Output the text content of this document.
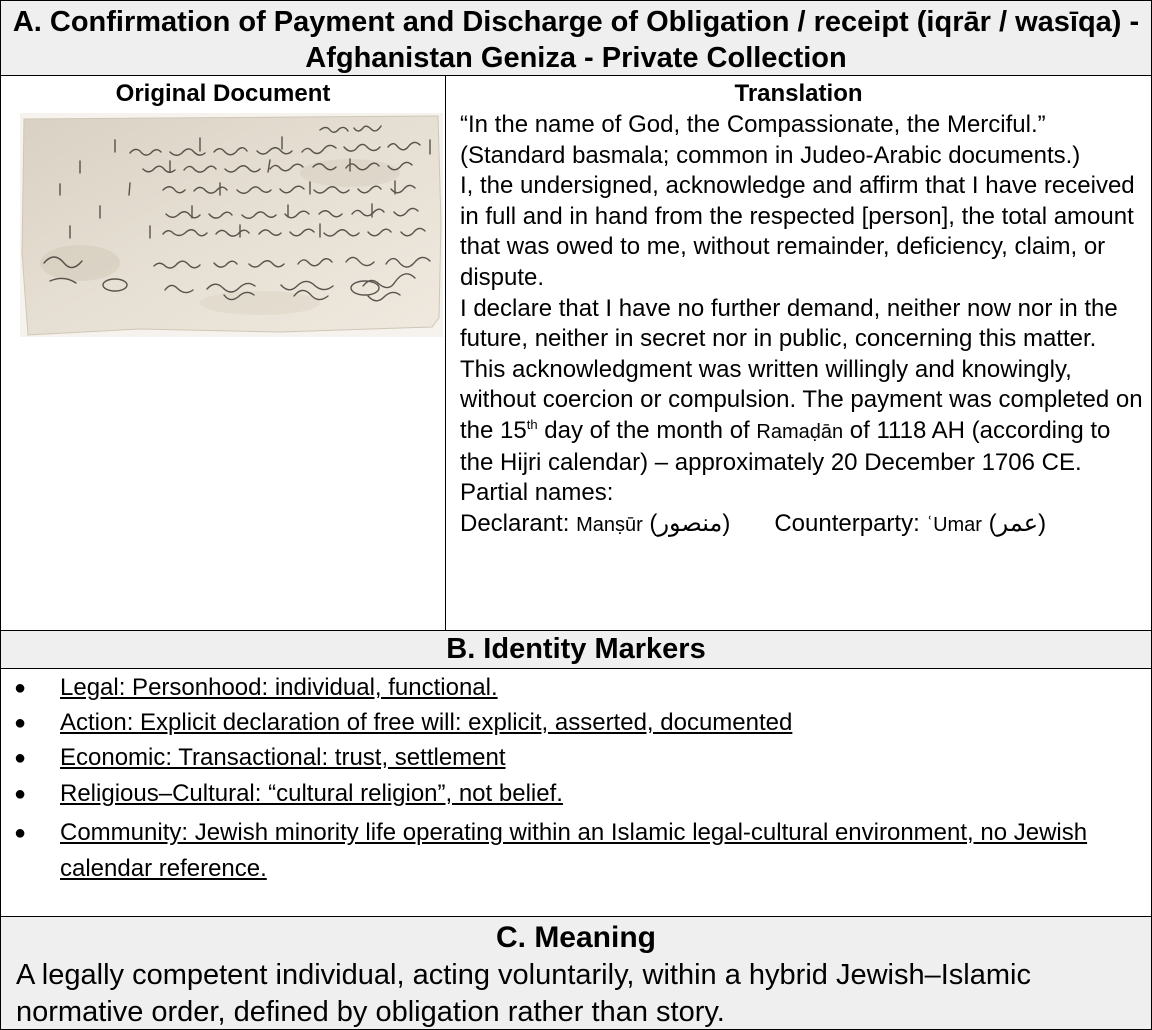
A. Confirmation of Payment and Discharge of Obligation / receipt (iqrār / wasīqa) - Afghanistan Geniza - Private Collection
Original Document	Translation

“In the name of God, the Compassionate, the Merciful.”

(Standard basmala; common in Judeo-Arabic documents.)

I, the undersigned, acknowledge and affirm that I have received in full and in hand from the respected [person], the total amount that was owed to me, without remainder, deficiency, claim, or dispute.

I declare that I have no further demand, neither now nor in the future, neither in secret nor in public, concerning this matter.

This acknowledgment was written willingly and knowingly, without coercion or compulsion. The payment was completed on the 15th day of the month of Ramaḍān of 1118 AH (according to the Hijri calendar) – approximately 20 December 1706 CE.

Partial names:

Declarant: Manṣūr (منصور) Counterparty: ʿUmar (عمر)

B. Identity Markers
● Legal: Personhood: individual, functional.
● Action: Explicit declaration of free will: explicit, asserted, documented
● Economic: Transactional: trust, settlement
● Religious–Cultural: “cultural religion”, not belief.
● Community: Jewish minority life operating within an Islamic legal-cultural environment, no Jewish calendar reference.
C. Meaning
A legally competent individual, acting voluntarily, within a hybrid Jewish–Islamic normative order, defined by obligation rather than story.
